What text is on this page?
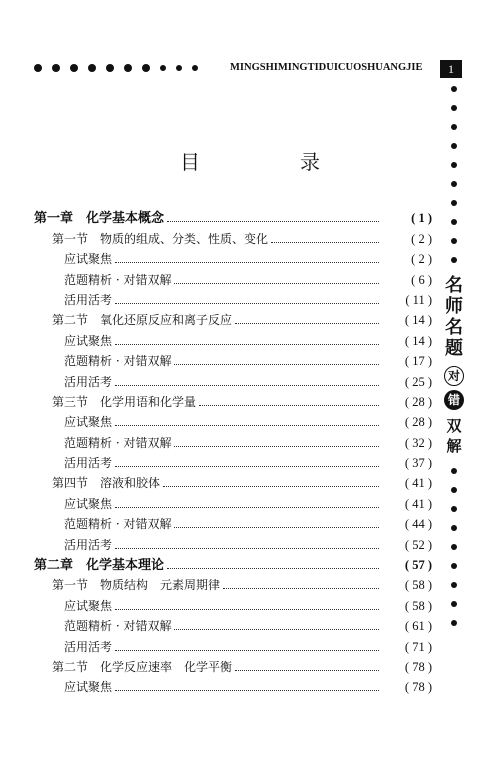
MINGSHIMINGTIDUICUOSHUANGJIE	1
目　录
第一章　化学基本概念	( 1 )
第一节　物质的组成、分类、性质、变化	( 2 )
应试聚焦	( 2 )
范题精析 · 对错双解	( 6 )
活用活考	( 11 )
第二节　氧化还原反应和离子反应	( 14 )
应试聚焦	( 14 )
范题精析 · 对错双解	( 17 )
活用活考	( 25 )
第三节　化学用语和化学量	( 28 )
应试聚焦	( 28 )
范题精析 · 对错双解	( 32 )
活用活考	( 37 )
第四节　溶液和胶体	( 41 )
应试聚焦	( 41 )
范题精析 · 对错双解	( 44 )
活用活考	( 52 )
第二章　化学基本理论	( 57 )
第一节　物质结构　元素周期律	( 58 )
应试聚焦	( 58 )
范题精析 · 对错双解	( 61 )
活用活考	( 71 )
第二节　化学反应速率　化学平衡	( 78 )
应试聚焦	( 78 )
名
师
名
题
对
错
双
解
